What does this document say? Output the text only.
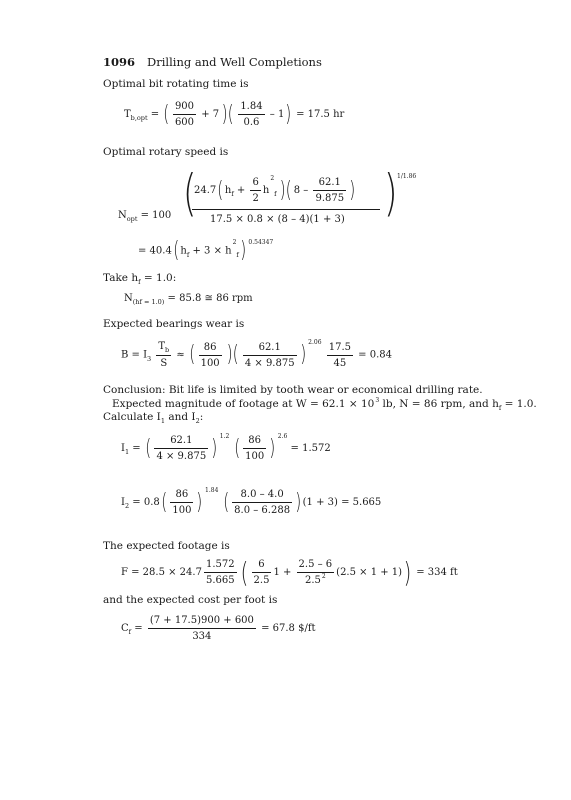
1096 Drilling and Well Completions
Optimal bit rotating time is
$T_{b,opt}$ = ( $\frac{900}{600} + 7$ )( $\frac{1.84}{0.6} - 1) = 17.5$ hr
Optimal rotary speed is
$N_{opt} = 100$ (
$24.7(h_f + \frac{6}{2} h^2_f$ )( $8 - \frac{62.1}{9.875}$ )
17.5 × 0.8 × (8 – 4)(1 + 3) ) 1/1.86
= $40.4(h_f + 3 \times h^2_f)$ $^{0.54347}$
Take $h_f = 1.0$:
$N_{(hf = 1.0)} = 85.8$ ≅ 86 rpm
Expected bearings wear is
$B = I_3 \frac{T_b}{S}$ ≈ ( $\frac{86}{100}$ )( $\frac{62.1}{4 \times 9.875}$ ) $^{2.06} \frac{17.5}{45} = 0.84$
Conclusion: Bit life is limited by tooth wear or economical drilling rate.
Expected magnitude of footage at $W = 62.1 \times 10^3$ lb, N = 86 rpm, and $h_f = 1.0$.
Calculate $I_1$ and $I_2$:
$I_1$ = ( $\frac{62.1}{4 \times 9.875}$ ) $^{1.2}$ ( $\frac{86}{100}$ ) $^{2.6}$ = 1.572
$I_2 = 0.8( \frac{86}{100}$ ) $^{1.84}$ ( $\frac{8.0 - 4.0}{8.0 - 6.288} )(1 + 3) = 5.665$
The expected footage is
$F = 28.5 \times 24.7 \frac{1.572}{5.665}$ ( $\frac{6}{2.5} 1 + \frac{2.5 - 6}{2.5^2} (2.5 \times 1 + 1)) = 334$ ft
and the expected cost per foot is
$C_f = \frac{(7 + 17.5)900 + 600}{334} = 67.8$ $/ft
